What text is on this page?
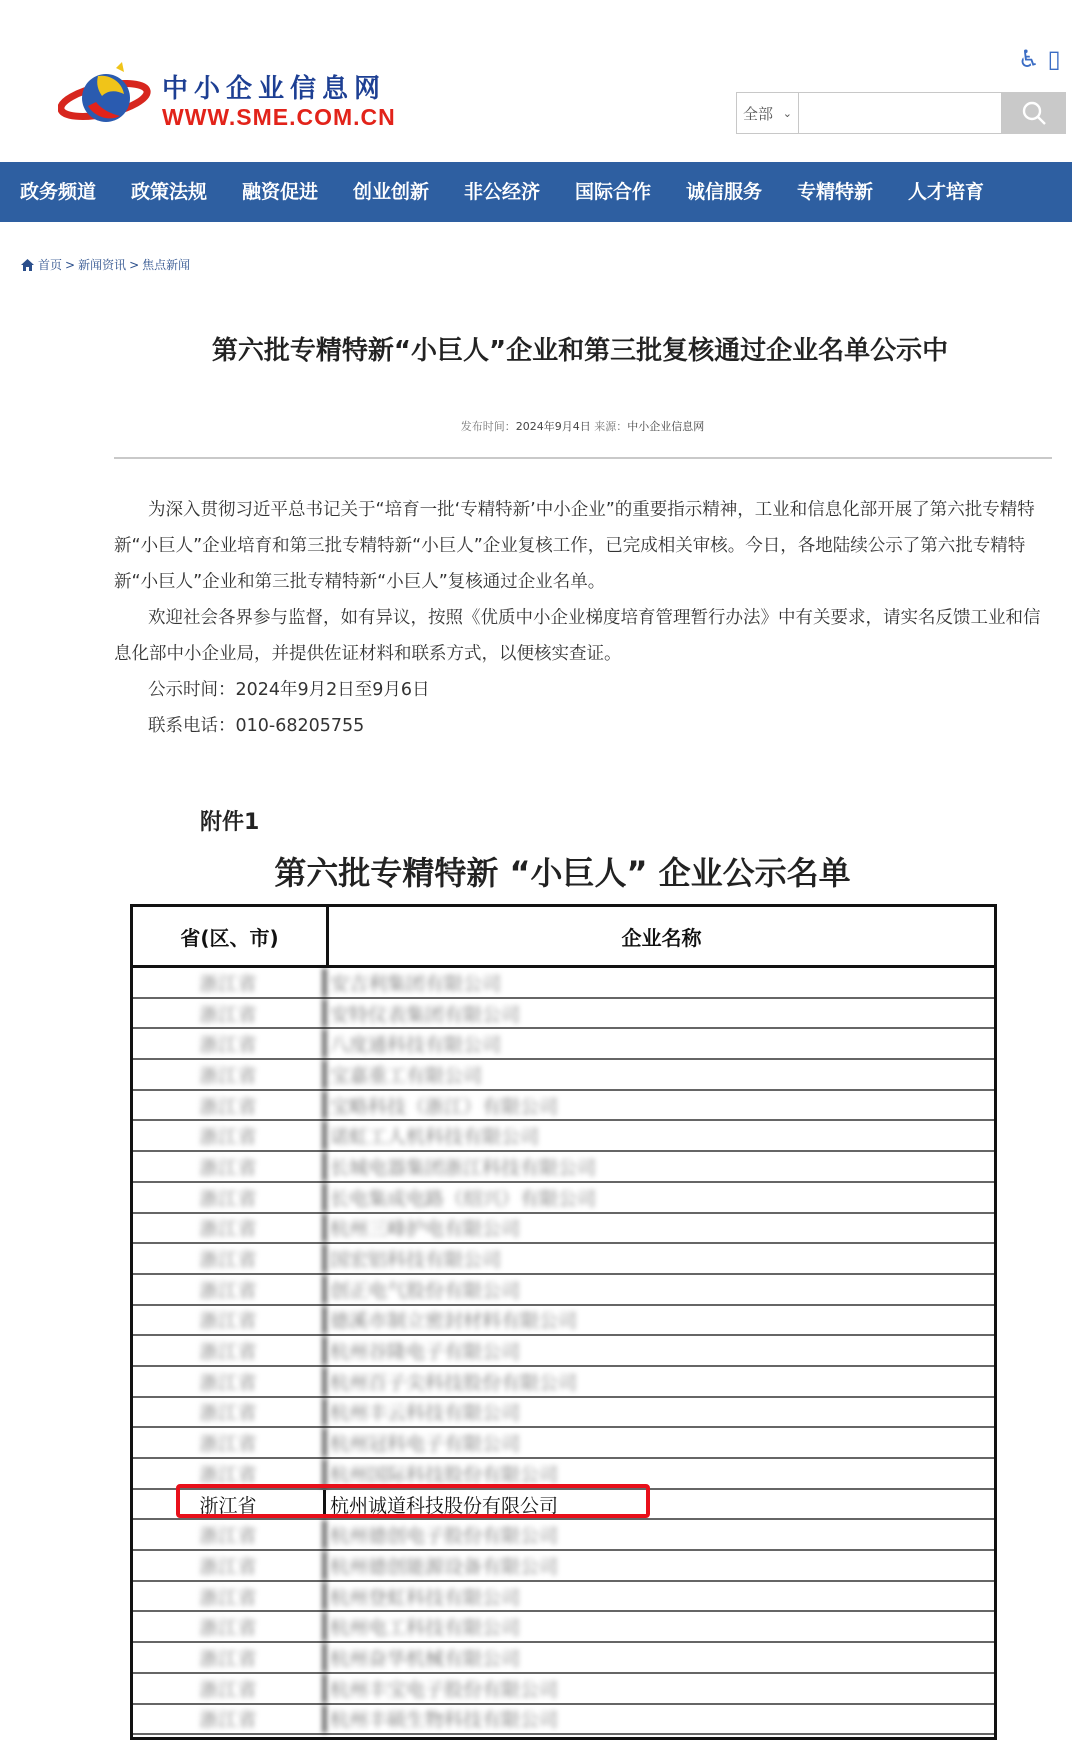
中小企业信息网
WWW.SME.COM.CN
♿ ▯
全部 ⌄
政务频道 政策法规 融资促进 创业创新 非公经济 国际合作 诚信服务 专精特新 人才培育
首页 > 新闻资讯 > 焦点新闻
第六批专精特新“小巨人”企业和第三批复核通过企业名单公示中
发布时间：2024年9月4日 来源：中小企业信息网

为深入贯彻习近平总书记关于“培育一批‘专精特新’中小企业”的重要指示精神，工业和信息化部开展了第六批专精特新“小巨人”企业培育和第三批专精特新“小巨人”企业复核工作，已完成相关审核。今日，各地陆续公示了第六批专精特新“小巨人”企业和第三批专精特新“小巨人”复核通过企业名单。

欢迎社会各界参与监督，如有异议，按照《优质中小企业梯度培育管理暂行办法》中有关要求，请实名反馈工业和信息化部中小企业局，并提供佐证材料和联系方式，以便核实查证。

公示时间：2024年9月2日至9月6日
联系电话：010-68205755
附件1
第六批专精特新 “小巨人” 企业公示名单
省(区、市)	企业名称
浙江省	安吉利集团有限公司
浙江省	安特仪表集团有限公司
浙江省	八度通科技有限公司
浙江省	宝嘉重工有限公司
浙江省	宝略科技（浙江）有限公司
浙江省	诺虹工人机科技有限公司
浙江省	长城电器集团浙江科技有限公司
浙江省	长电集成电路（绍兴）有限公司
浙江省	杭州三峰护电有限公司
浙江省	国宏铝科技有限公司
浙江省	创正电气股份有限公司
浙江省	德溪市制立密封材料有限公司
浙江省	杭州谷隆电子有限公司
浙江省	杭州百子尖科技股份有限公司
浙江省	杭州丰云科技有限公司
浙江省	杭州冠科电子有限公司
浙江省	杭州国际科技股份有限公司
浙江省	杭州诚道科技股份有限公司
浙江省	杭州德创电子股份有限公司
浙江省	杭州德创能源设备有限公司
浙江省	杭州登虹科技有限公司
浙江省	杭州电工科技有限公司
浙江省	杭州奋华机械有限公司
浙江省	杭州丰宝电子股份有限公司
浙江省	杭州丰硕生物科技有限公司
